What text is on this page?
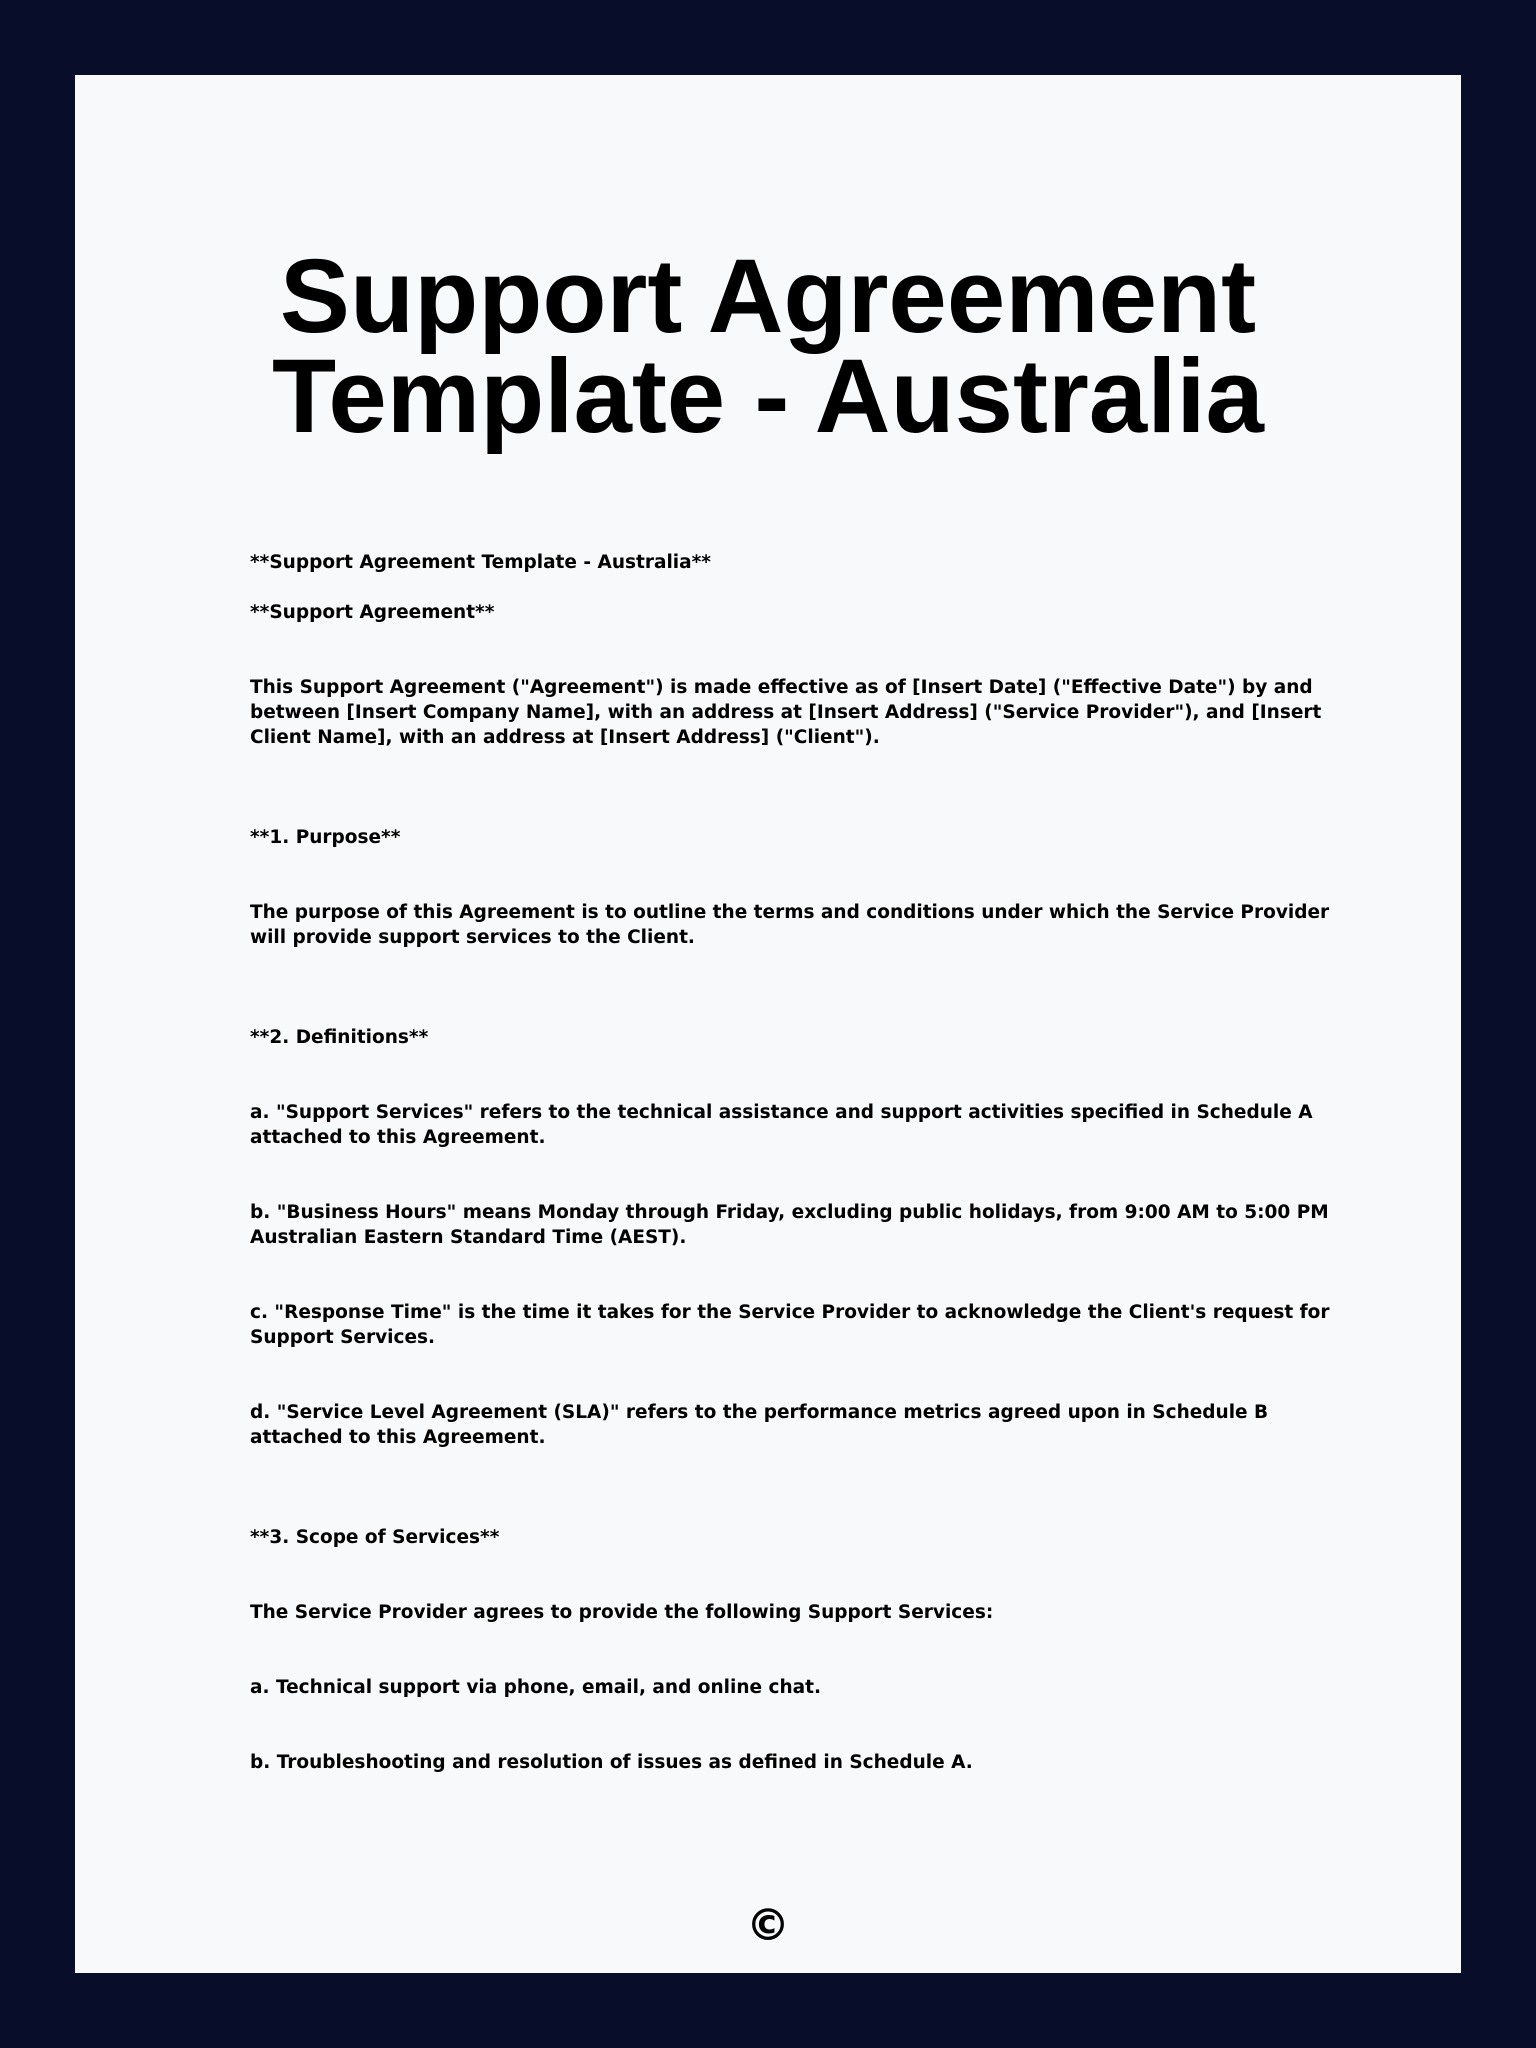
Support Agreement Template - Australia

**Support Agreement Template - Australia**

**Support Agreement**

This Support Agreement ("Agreement") is made effective as of [Insert Date] ("Effective Date") by and between [Insert Company Name], with an address at [Insert Address] ("Service Provider"), and [Insert Client Name], with an address at [Insert Address] ("Client").

**1. Purpose**

The purpose of this Agreement is to outline the terms and conditions under which the Service Provider will provide support services to the Client.

**2. Definitions**

a. "Support Services" refers to the technical assistance and support activities specified in Schedule A attached to this Agreement.

b. "Business Hours" means Monday through Friday, excluding public holidays, from 9:00 AM to 5:00 PM Australian Eastern Standard Time (AEST).

c. "Response Time" is the time it takes for the Service Provider to acknowledge the Client's request for Support Services.

d. "Service Level Agreement (SLA)" refers to the performance metrics agreed upon in Schedule B attached to this Agreement.

**3. Scope of Services**

The Service Provider agrees to provide the following Support Services:

a. Technical support via phone, email, and online chat.

b. Troubleshooting and resolution of issues as defined in Schedule A.

©
